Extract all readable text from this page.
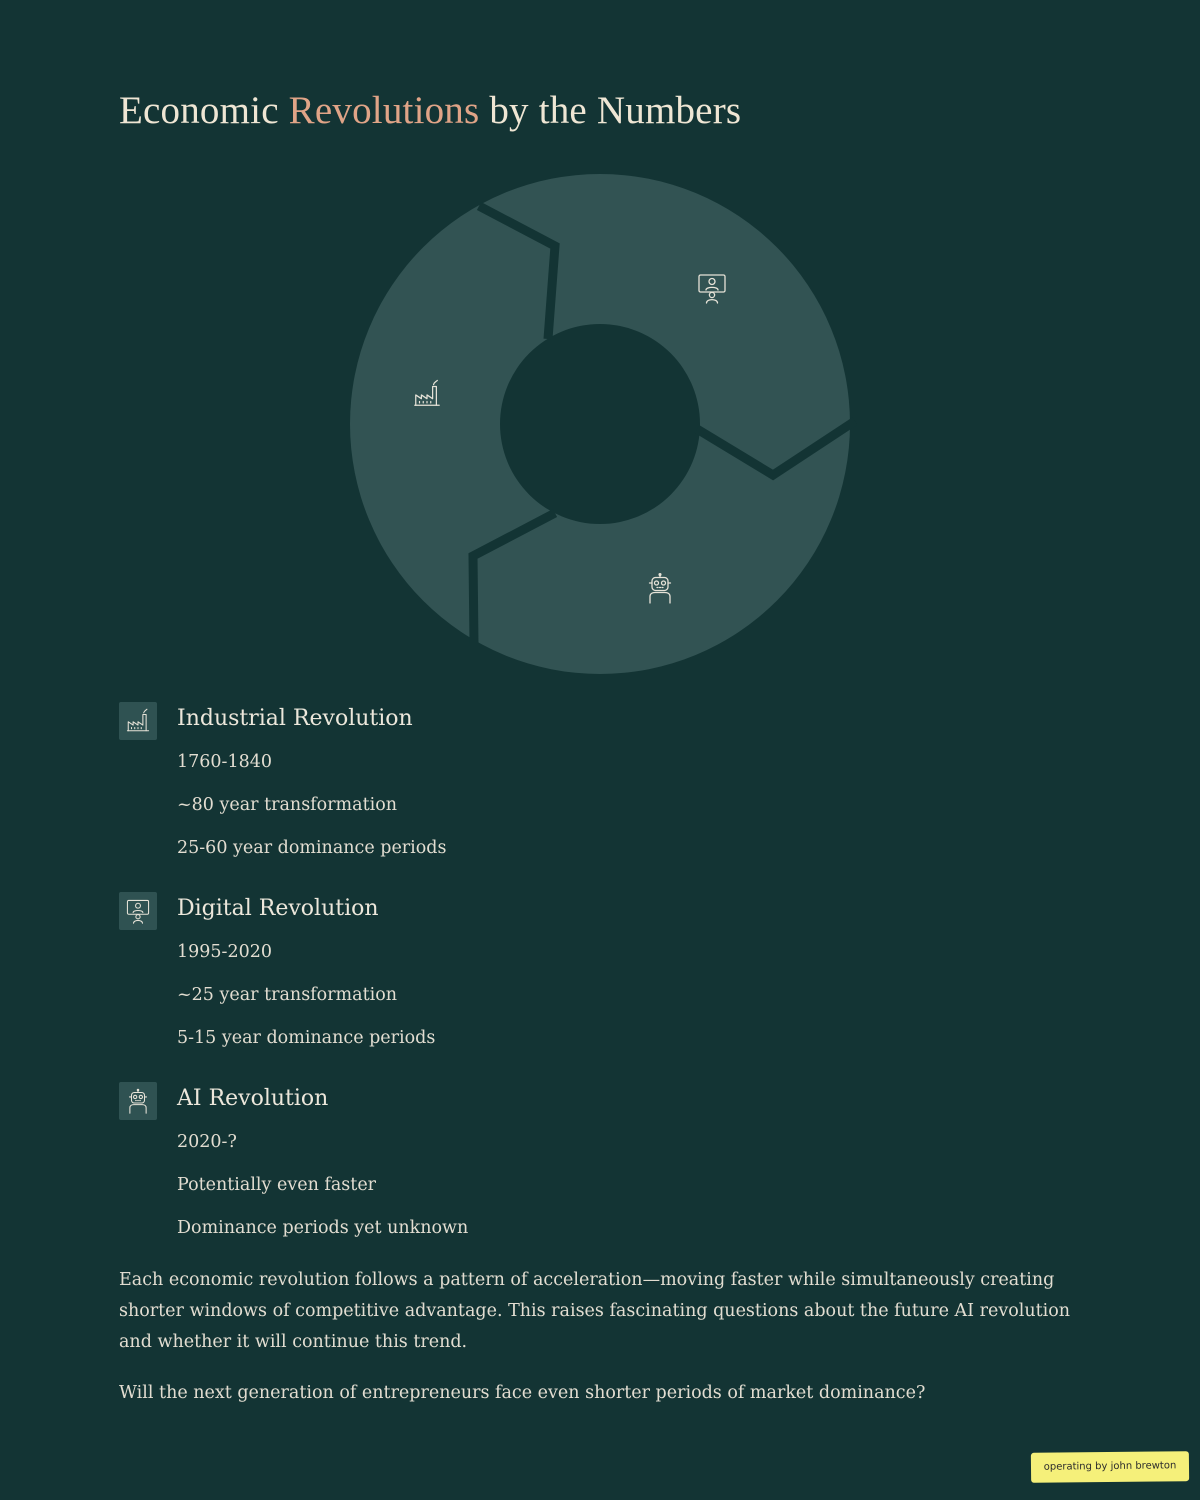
Economic Revolutions by the Numbers
Industrial Revolution
1760-1840
~80 year transformation
25-60 year dominance periods
Digital Revolution
1995-2020
~25 year transformation
5-15 year dominance periods
AI Revolution
2020-?
Potentially even faster
Dominance periods yet unknown

Each economic revolution follows a pattern of acceleration—moving faster while simultaneously creating shorter windows of competitive advantage. This raises fascinating questions about the future AI revolution and whether it will continue this trend.

Will the next generation of entrepreneurs face even shorter periods of market dominance?

operating by john brewton
